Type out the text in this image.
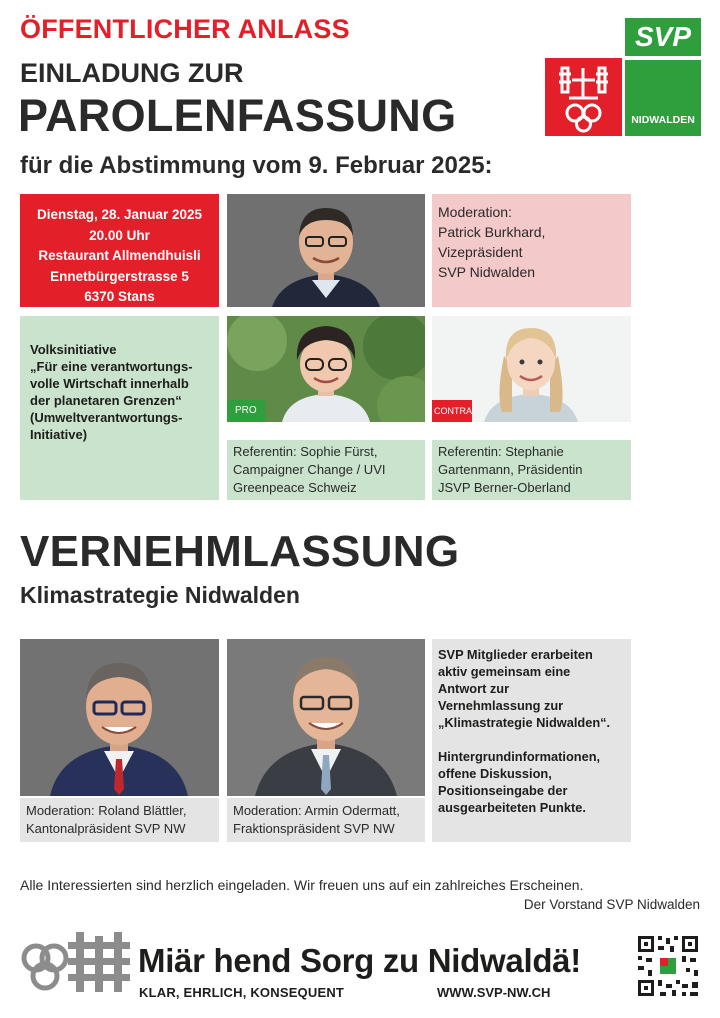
ÖFFENTLICHER ANLASS
EINLADUNG ZUR
PAROLENFASSUNG
für die Abstimmung vom 9. Februar 2025:
SVP
NIDWALDEN
Dienstag, 28. Januar 2025
20.00 Uhr
Restaurant Allmendhuisli
Ennetbürgerstrasse 5
6370 Stans
Moderation:
Patrick Burkhard,
Vizepräsident
SVP Nidwalden
Volksinitiative
„Für eine verantwortungs-
volle Wirtschaft innerhalb
der planetaren Grenzen“
(Umweltverantwortungs-
Initiative)
PRO
Referentin: Sophie Fürst,
Campaigner Change / UVI
Greenpeace Schweiz
CONTRA
Referentin: Stephanie
Gartenmann, Präsidentin
JSVP Berner-Oberland
VERNEHMLASSUNG
Klimastrategie Nidwalden
Moderation: Roland Blättler,
Kantonalpräsident SVP NW
Moderation: Armin Odermatt,
Fraktionspräsident SVP NW

SVP Mitglieder erarbeiten
aktiv gemeinsam eine
Antwort zur
Vernehmlassung zur
„Klimastrategie Nidwalden“.

Hintergrundinformationen,
offene Diskussion,
Positionseingabe der
ausgearbeiteten Punkte.

Alle Interessierten sind herzlich eingeladen. Wir freuen uns auf ein zahlreiches Erscheinen.
Der Vorstand SVP Nidwalden
Miär hend Sorg zu Nidwaldä!
KLAR, EHRLICH, KONSEQUENT	WWW.SVP-NW.CH
